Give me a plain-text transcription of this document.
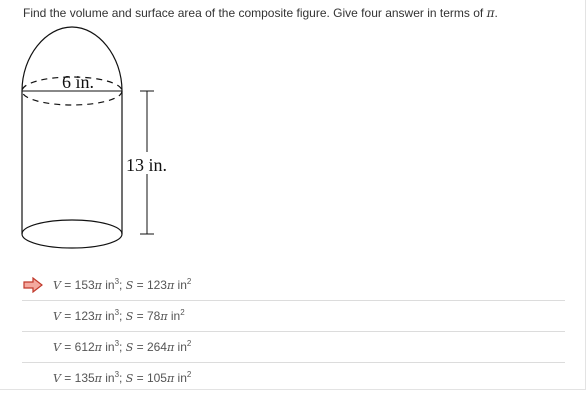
Find the volume and surface area of the composite figure. Give four answer in terms of π.
6 in.
13 in.
V = 153π $in^3$; S = 123π $in^2$
V = 123π $in^3$; S = 78π $in^2$
V = 612π $in^3$; S = 264π $in^2$
V = 135π $in^3$; S = 105π $in^2$
